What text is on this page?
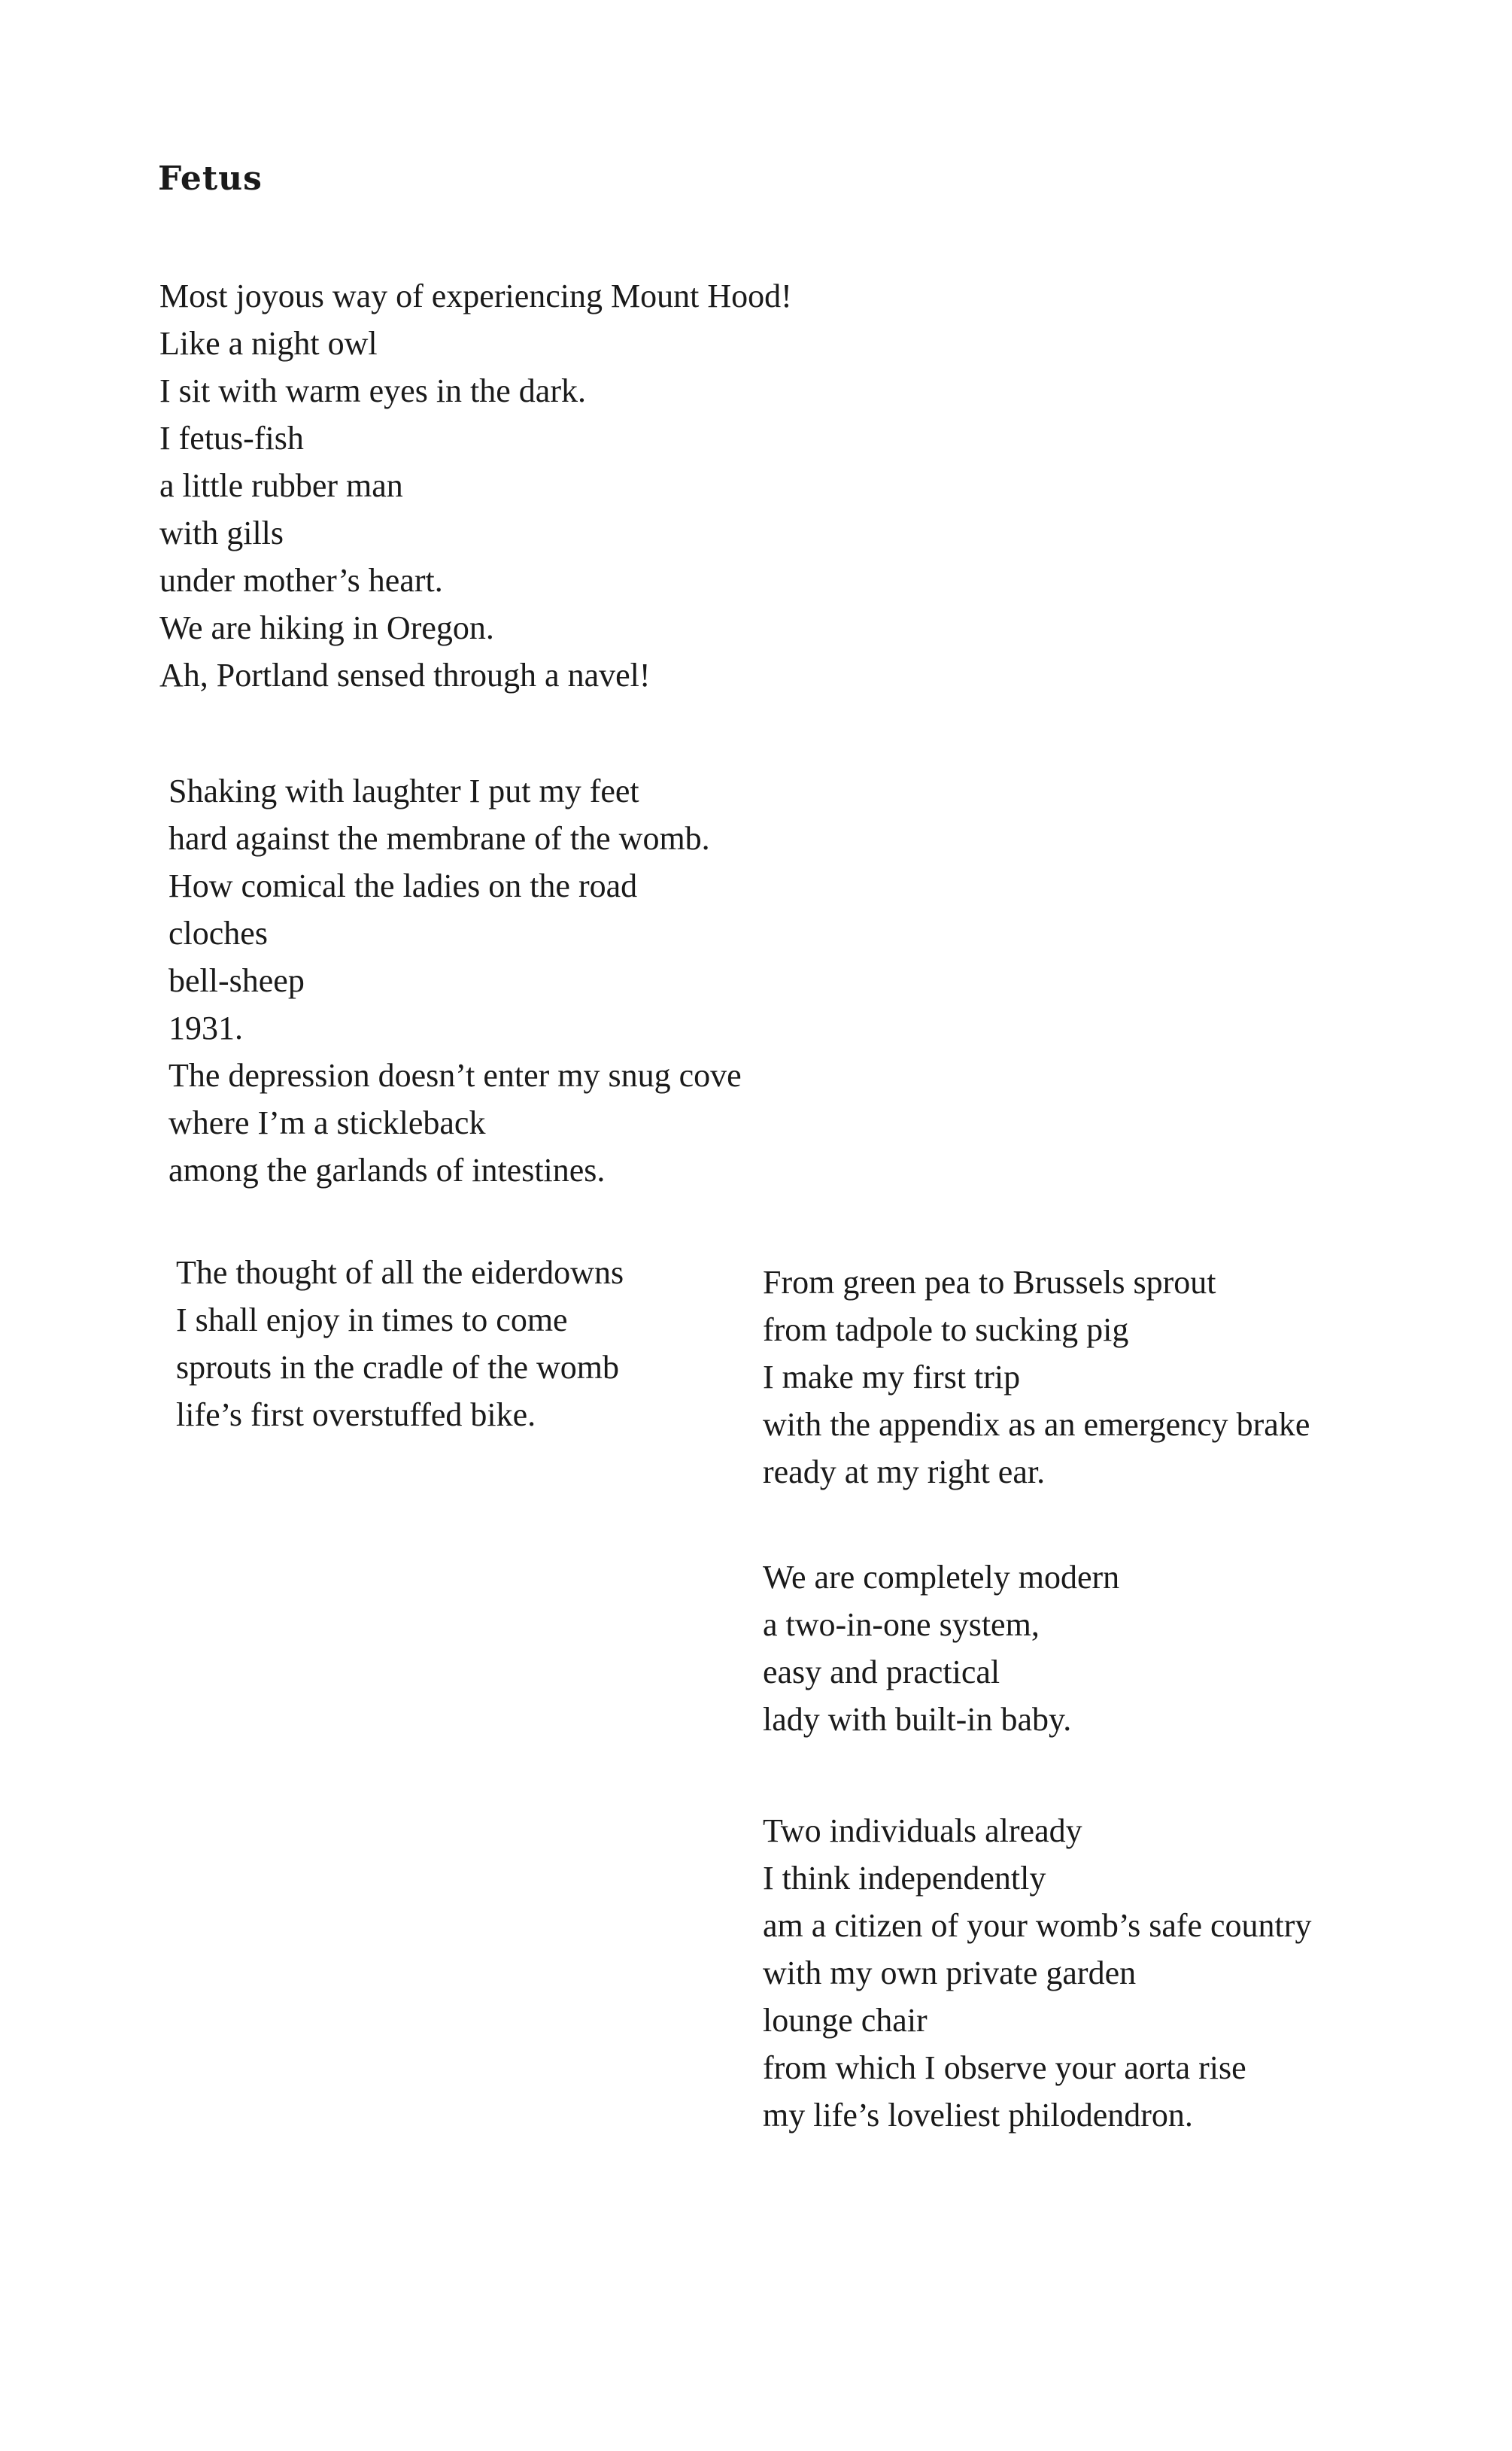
Fetus
Most joyous way of experiencing Mount Hood!
Like a night owl
I sit with warm eyes in the dark.
I fetus-fish
a little rubber man
with gills
under mother’s heart.
We are hiking in Oregon.
Ah, Portland sensed through a navel!
Shaking with laughter I put my feet
hard against the membrane of the womb.
How comical the ladies on the road
cloches
bell-sheep
1931.
The depression doesn’t enter my snug cove
where I’m a stickleback
among the garlands of intestines.
The thought of all the eiderdowns
I shall enjoy in times to come
sprouts in the cradle of the womb
life’s first overstuffed bike.
From green pea to Brussels sprout
from tadpole to sucking pig
I make my first trip
with the appendix as an emergency brake
ready at my right ear.
We are completely modern
a two-in-one system,
easy and practical
lady with built-in baby.
Two individuals already
I think independently
am a citizen of your womb’s safe country
with my own private garden
lounge chair
from which I observe your aorta rise
my life’s loveliest philodendron.
